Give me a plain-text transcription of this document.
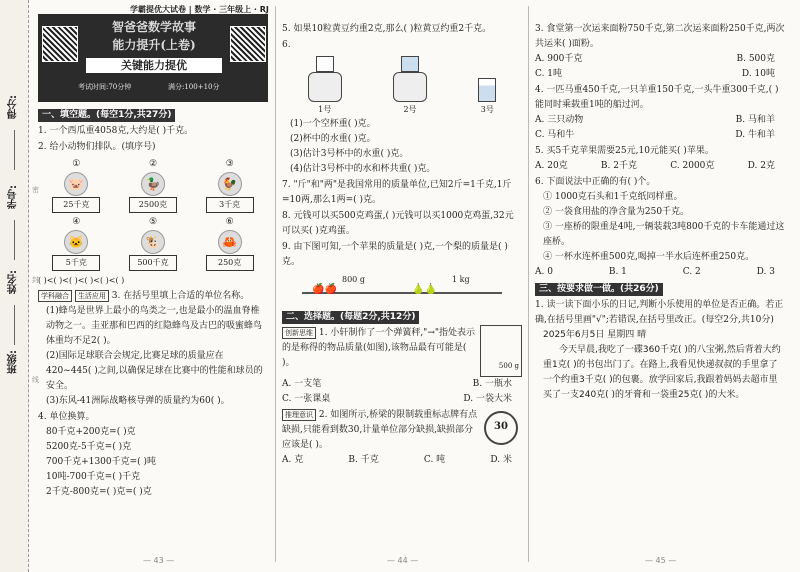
得分:
学号:
姓名:
班级:
密
封
线
学霸提优大试卷 | 数学 · 三年级上 · RJ
智爸爸数学故事
能力提升(上卷)
关键能力提优
考试时间:70分钟	满分:100+10分

一、填空题。(每空1分,共27分)

1. 一个西瓜重4058克,大约是( )千克。

2. 给小动物们排队。(填序号)

①
🐷
25千克
②
🦆
2500克
③
🐓
3千克
④
🐱
5千克
⑤
🐮
500千克
⑥
🦀
250克

( )<( )<( )<( )<( )<( )

学科融合 生活应用 3. 在括号里填上合适的单位名称。

(1)蜂鸟是世界上最小的鸟类之一,也是最小的温血脊椎动物之一。圭亚那和巴西的红隐蜂鸟及古巴的吸蜜蜂鸟体重均不足2( )。

(2)国际足球联合会规定,比赛足球的质量应在420~445( )之间,以确保足球在比赛中的性能和球员的安全。

(3)东风-41洲际战略核导弹的质量约为60( )。

4. 单位换算。

80千克+200克=( )克

5200克-5千克=( )克

700千克+1300千克=( )吨

10吨-700千克=( )千克

2千克-800克=( )克=( )克

— 43 —

5. 如果10粒黄豆约重2克,那么( )粒黄豆约重2千克。

6.

1号	2号	3号

(1)一个空杯重( )克。

(2)杯中的水重( )克。

(3)估计3号杯中的水重( )克。

(4)估计3号杯中的水和杯共重( )克。

7. "斤"和"两"是我国常用的质量单位,已知2斤=1千克,1斤=10两,那么1两=( )克。

8. 元钱可以买500克鸡蛋,( )元钱可以买1000克鸡蛋,32元可以买( )克鸡蛋。

9. 由下图可知,一个苹果的质量是( )克,一个梨的质量是( )克。

800 g	1 kg
🍎🍎	🍐🍐

二、选择题。(每题2分,共12分)

创新思维 1. 小轩制作了一个弹簧秤,"→"指处表示的是称得的物品质量(如图),该物品最有可能是( )。	500 g
A. 一支笔	B. 一瓶水
C. 一张课桌	D. 一袋大米

推理意识 2. 如图所示,桥梁的限制载重标志牌有点缺损,只能看到数30,计量单位部分缺损,缺损部分应该是( )。

30
A. 克	B. 千克	C. 吨	D. 米
— 44 —

3. 食堂第一次运来面粉750千克,第二次运来面粉250千克,两次共运来( )面粉。

A. 900千克	B. 500克
C. 1吨	D. 10吨

4. 一匹马重450千克,一只羊重150千克,一头牛重300千克,( )能同时乘载重1吨的船过河。

A. 三只动物	B. 马和羊
C. 马和牛	D. 牛和羊

5. 买5千克苹果需要25元,10元能买( )苹果。

A. 20克	B. 2千克	C. 2000克	D. 2克

6. 下面说法中正确的有( )个。

① 1000克石头和1千克纸同样重。

② 一袋食用盐的净含量为250千克。

③ 一座桥的限重是4吨,一辆装载3吨800千克的卡车能通过这座桥。

④ 一杯水连杯重500克,喝掉一半水后连杯重250克。

A. 0	B. 1	C. 2	D. 3

三、按要求做一做。(共26分)

1. 读一读下面小乐的日记,判断小乐使用的单位是否正确。若正确,在括号里画"√";若错误,在括号里改正。(每空2分,共10分)

2025年6月5日 星期四 晴

今天早晨,我吃了一碟360千克( )的八宝粥,然后背着大约重1克( )的书包出门了。在路上,我看见快递叔叔的手里拿了一个约重3千克( )的包裹。放学回家后,我跟着妈妈去超市里买了一支240克( )的牙膏和一袋重25克( )的大米。

— 45 —
